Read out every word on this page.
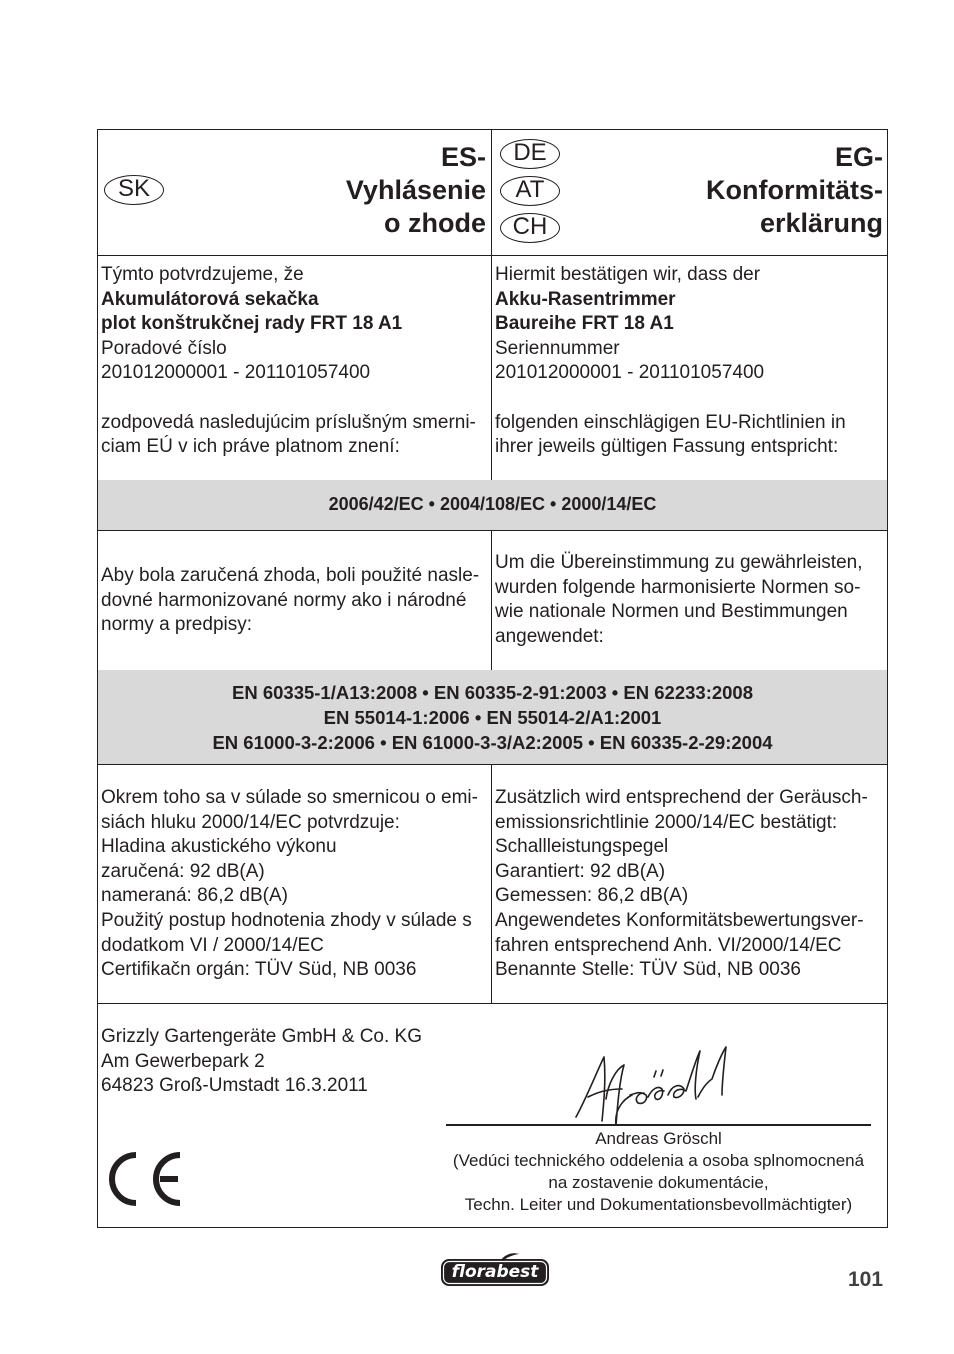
SK
ES-
Vyhlásenie
o zhode
DE
AT
CH
EG-
Konformitäts-
erklärung
Týmto potvrdzujeme, že
Akumulátorová sekačka
plot konštrukčnej rady FRT 18 A1
Poradové číslo
201012000001 - 201101057400

zodpovedá nasledujúcim príslušným smerni-
ciam EÚ v ich práve platnom znení:
Hiermit bestätigen wir, dass der
Akku-Rasentrimmer
Baureihe FRT 18 A1
Seriennummer
201012000001 - 201101057400

folgenden einschlägigen EU-Richtlinien in
ihrer jeweils gültigen Fassung entspricht:
2006/42/EC • 2004/108/EC • 2000/14/EC
Aby bola zaručená zhoda, boli použité nasle-
dovné harmonizované normy ako i národné
normy a predpisy:
Um die Übereinstimmung zu gewährleisten,
wurden folgende harmonisierte Normen so-
wie nationale Normen und Bestimmungen
angewendet:
EN 60335-1/A13:2008 • EN 60335-2-91:2003 • EN 62233:2008
EN 55014-1:2006 • EN 55014-2/A1:2001
EN 61000-3-2:2006 • EN 61000-3-3/A2:2005 • EN 60335-2-29:2004
Okrem toho sa v súlade so smernicou o emi-
siách hluku 2000/14/EC potvrdzuje:
Hladina akustického výkonu
zaručená: 92 dB(A)
nameraná: 86,2 dB(A)
Použitý postup hodnotenia zhody v súlade s
dodatkom VI / 2000/14/EC
Certifikačn orgán: TÜV Süd, NB 0036
Zusätzlich wird entsprechend der Geräusch-
emissionsrichtlinie 2000/14/EC bestätigt:
Schallleistungspegel
Garantiert: 92 dB(A)
Gemessen: 86,2 dB(A)
Angewendetes Konformitätsbewertungsver-
fahren entsprechend Anh. VI/2000/14/EC
Benannte Stelle: TÜV Süd, NB 0036
Grizzly Gartengeräte GmbH & Co. KG
Am Gewerbepark 2
64823 Groß-Umstadt 16.3.2011
Andreas Gröschl
(Vedúci technického oddelenia a osoba splnomocnená
na zostavenie dokumentácie,
Techn. Leiter und Dokumentationsbevollmächtigter)
florabest	101
